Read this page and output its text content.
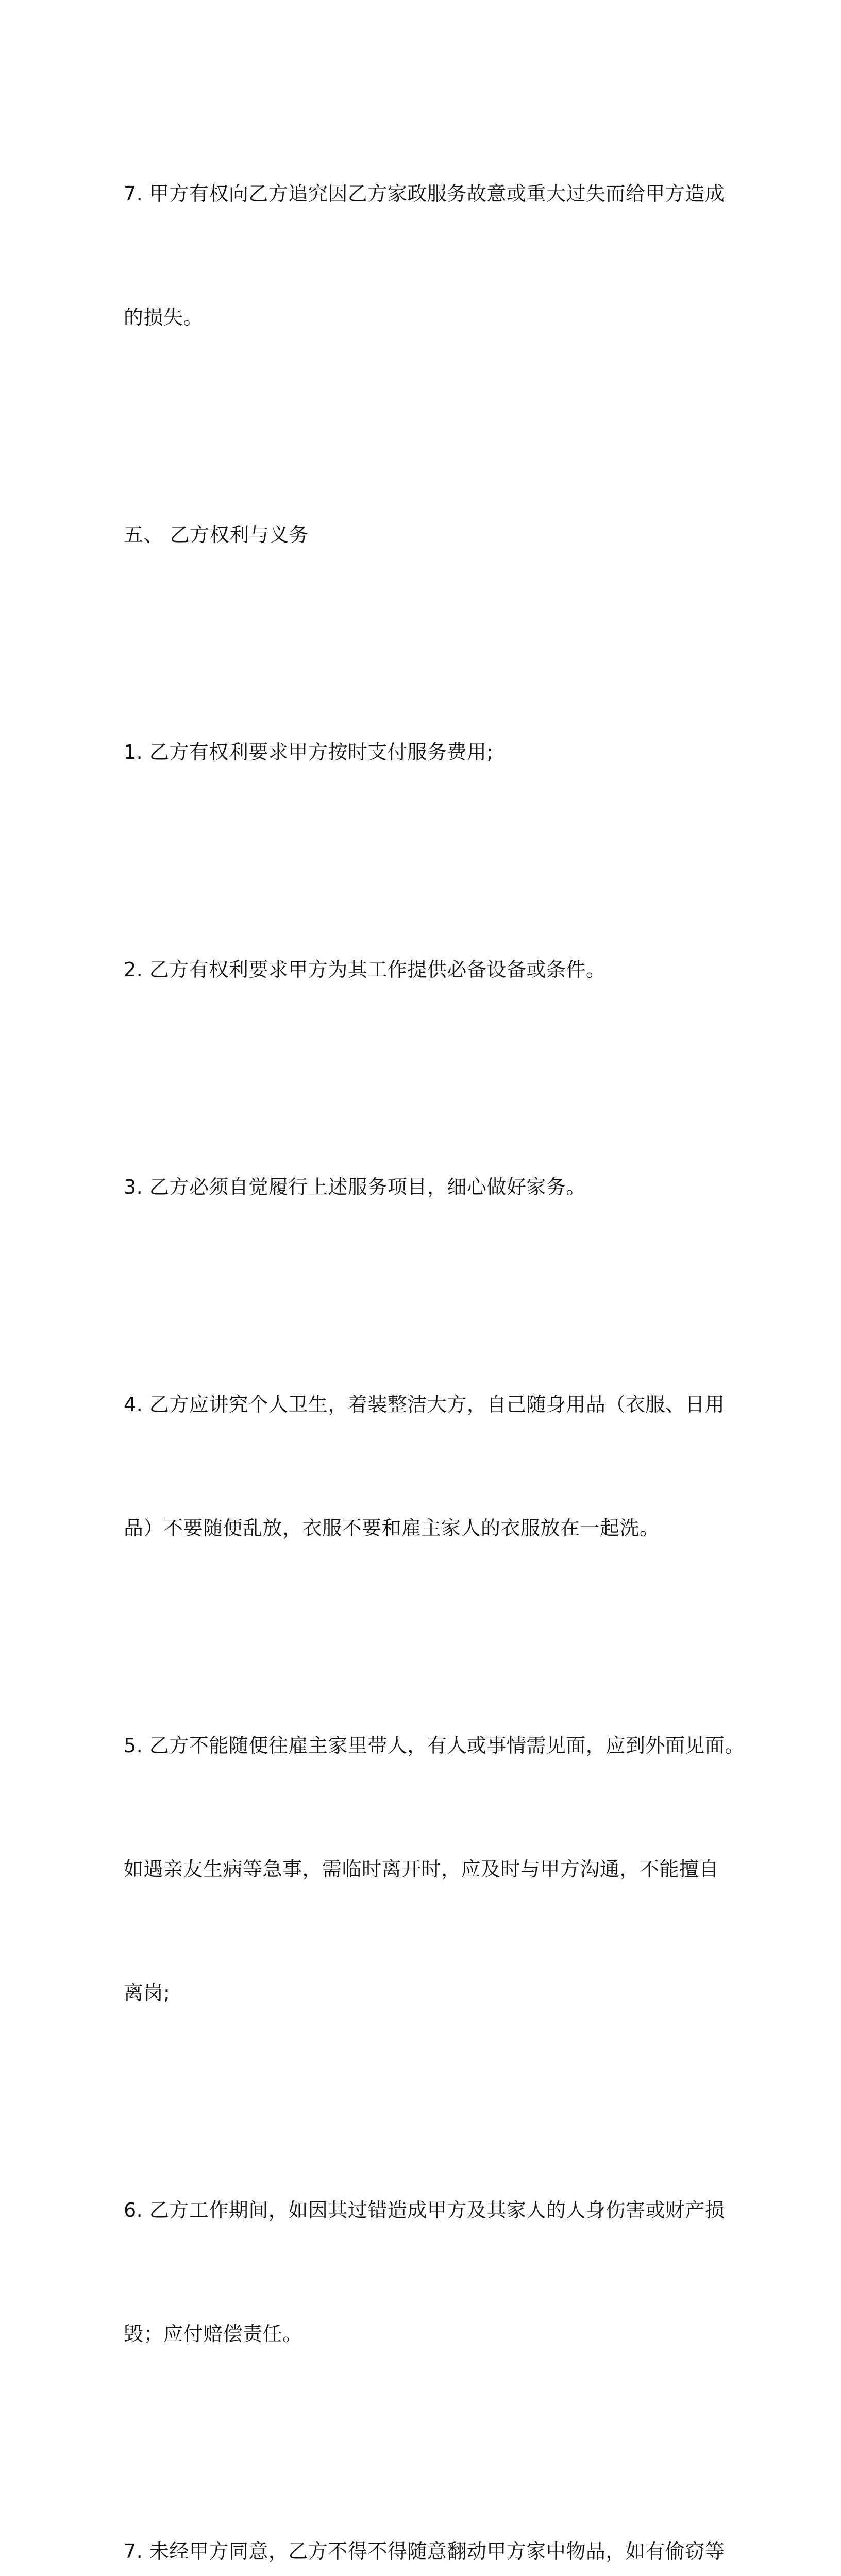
7. 甲方有权向乙方追究因乙方家政服务故意或重大过失而给甲方造成

的损失。

五、 乙方权利与义务

1. 乙方有权利要求甲方按时支付服务费用;

2. 乙方有权利要求甲方为其工作提供必备设备或条件。

3. 乙方必须自觉履行上述服务项目，细心做好家务。

4. 乙方应讲究个人卫生，着装整洁大方，自己随身用品（衣服、日用

品）不要随便乱放，衣服不要和雇主家人的衣服放在一起洗。

5. 乙方不能随便往雇主家里带人，有人或事情需见面，应到外面见面。

如遇亲友生病等急事，需临时离开时，应及时与甲方沟通，不能擅自

离岗;

6. 乙方工作期间，如因其过错造成甲方及其家人的人身伤害或财产损

毁；应付赔偿责任。

7. 未经甲方同意，乙方不得不得随意翻动甲方家中物品，如有偷窃等
